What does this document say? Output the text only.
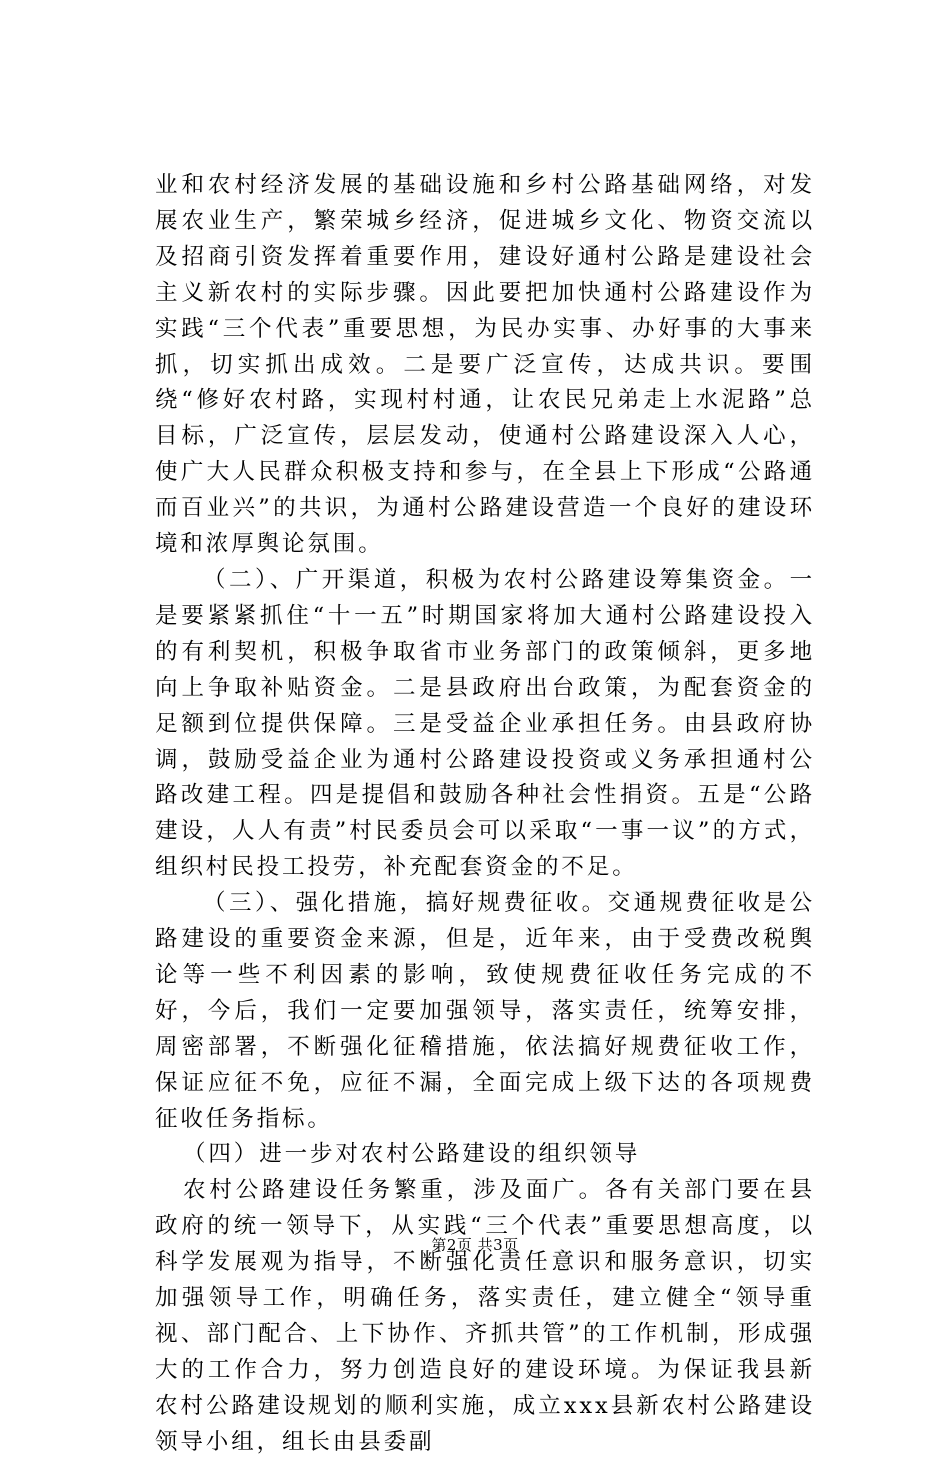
业和农村经济发展的基础设施和乡村公路基础网络，对发展农业生产，繁荣城乡经济，促进城乡文化、物资交流以及招商引资发挥着重要作用，建设好通村公路是建设社会主义新农村的实际步骤。因此要把加快通村公路建设作为实践“三个代表”重要思想，为民办实事、办好事的大事来抓，切实抓出成效。二是要广泛宣传，达成共识。要围绕“修好农村路，实现村村通，让农民兄弟走上水泥路”总目标，广泛宣传，层层发动，使通村公路建设深入人心，使广大人民群众积极支持和参与，在全县上下形成“公路通而百业兴”的共识，为通村公路建设营造一个良好的建设环境和浓厚舆论氛围。

（二）、广开渠道，积极为农村公路建设筹集资金。一是要紧紧抓住“十一五”时期国家将加大通村公路建设投入的有利契机，积极争取省市业务部门的政策倾斜，更多地向上争取补贴资金。二是县政府出台政策，为配套资金的足额到位提供保障。三是受益企业承担任务。由县政府协调，鼓励受益企业为通村公路建设投资或义务承担通村公路改建工程。四是提倡和鼓励各种社会性捐资。五是“公路建设，人人有责”村民委员会可以采取“一事一议”的方式，组织村民投工投劳，补充配套资金的不足。

（三）、强化措施，搞好规费征收。交通规费征收是公路建设的重要资金来源，但是，近年来，由于受费改税舆论等一些不利因素的影响，致使规费征收任务完成的不好，今后，我们一定要加强领导，落实责任，统筹安排，周密部署，不断强化征稽措施，依法搞好规费征收工作，保证应征不免，应征不漏，全面完成上级下达的各项规费征收任务指标。

（四）进一步对农村公路建设的组织领导

农村公路建设任务繁重，涉及面广。各有关部门要在县政府的统一领导下，从实践“三个代表”重要思想高度，以科学发展观为指导，不断强化责任意识和服务意识，切实加强领导工作，明确任务，落实责任，建立健全“领导重视、部门配合、上下协作、齐抓共管”的工作机制，形成强大的工作合力，努力创造良好的建设环境。为保证我县新农村公路建设规划的顺利实施，成立xxx县新农村公路建设领导小组，组长由县委副

第2页 共3页
